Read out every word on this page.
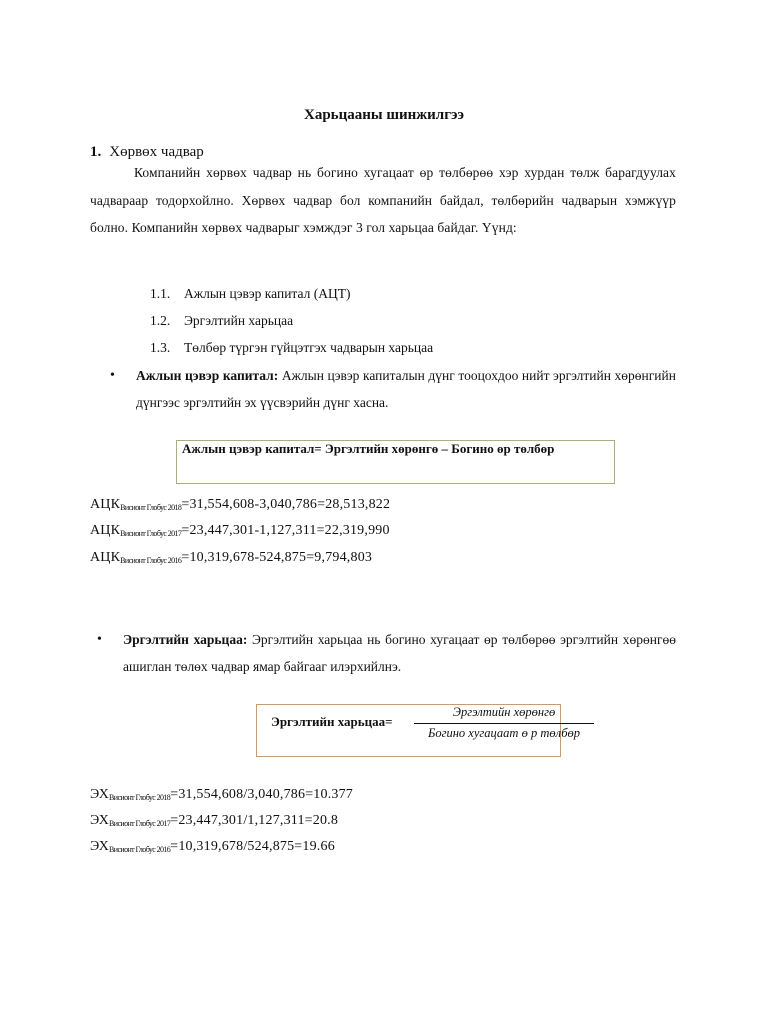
Харьцааны шинжилгээ
1. Хөрвөх чадвар
Компанийн хөрвөх чадвар нь богино хугацаат өр төлбөрөө хэр хурдан төлж барагдуулах чадвараар тодорхойлно. Хөрвөх чадвар бол компанийн байдал, төлбөрийн чадварын хэмжүүр болно. Компанийн хөрвөх чадварыг хэмждэг 3 гол харьцаа байдаг. Үүнд:
1.1. Ажлын цэвэр капитал (АЦТ)
1.2. Эргэлтийн харьцаа
1.3. Төлбөр түргэн гүйцэтгэх чадварын харьцаа
•	Ажлын цэвэр капитал: Ажлын цэвэр капиталын дүнг тооцохдоо нийт эргэлтийн хөрөнгийн дүнгээс эргэлтийн эх үүсвэрийн дүнг хасна.
Ажлын цэвэр капитал= Эргэлтийн хөрөнгө – Богино өр төлбөр
$АЦК_{Висионт Глобус 2018}=31,554,608-3,040,786=28,513,822$
$АЦК_{Висионт Глобус 2017}=23,447,301-1,127,311=22,319,990$
$АЦК_{Висионт Глобус 2016}=10,319,678-524,875=9,794,803$
•	Эргэлтийн харьцаа: Эргэлтийн харьцаа нь богино хугацаат өр төлбөрөө эргэлтийн хөрөнгөө ашиглан төлөх чадвар ямар байгааг илэрхийлнэ.
Эргэлтийн харьцаа=
Эргэлтийн хөрөнгө
Богино хугацаат ө р төлбөр
$ЭХ_{Висионт Глобус 2018}=31,554,608/3,040,786=10.377$
$ЭХ_{Висионт Глобус 2017}=23,447,301/1,127,311=20.8$
$ЭХ_{Висионт Глобус 2016}=10,319,678/524,875=19.66$
